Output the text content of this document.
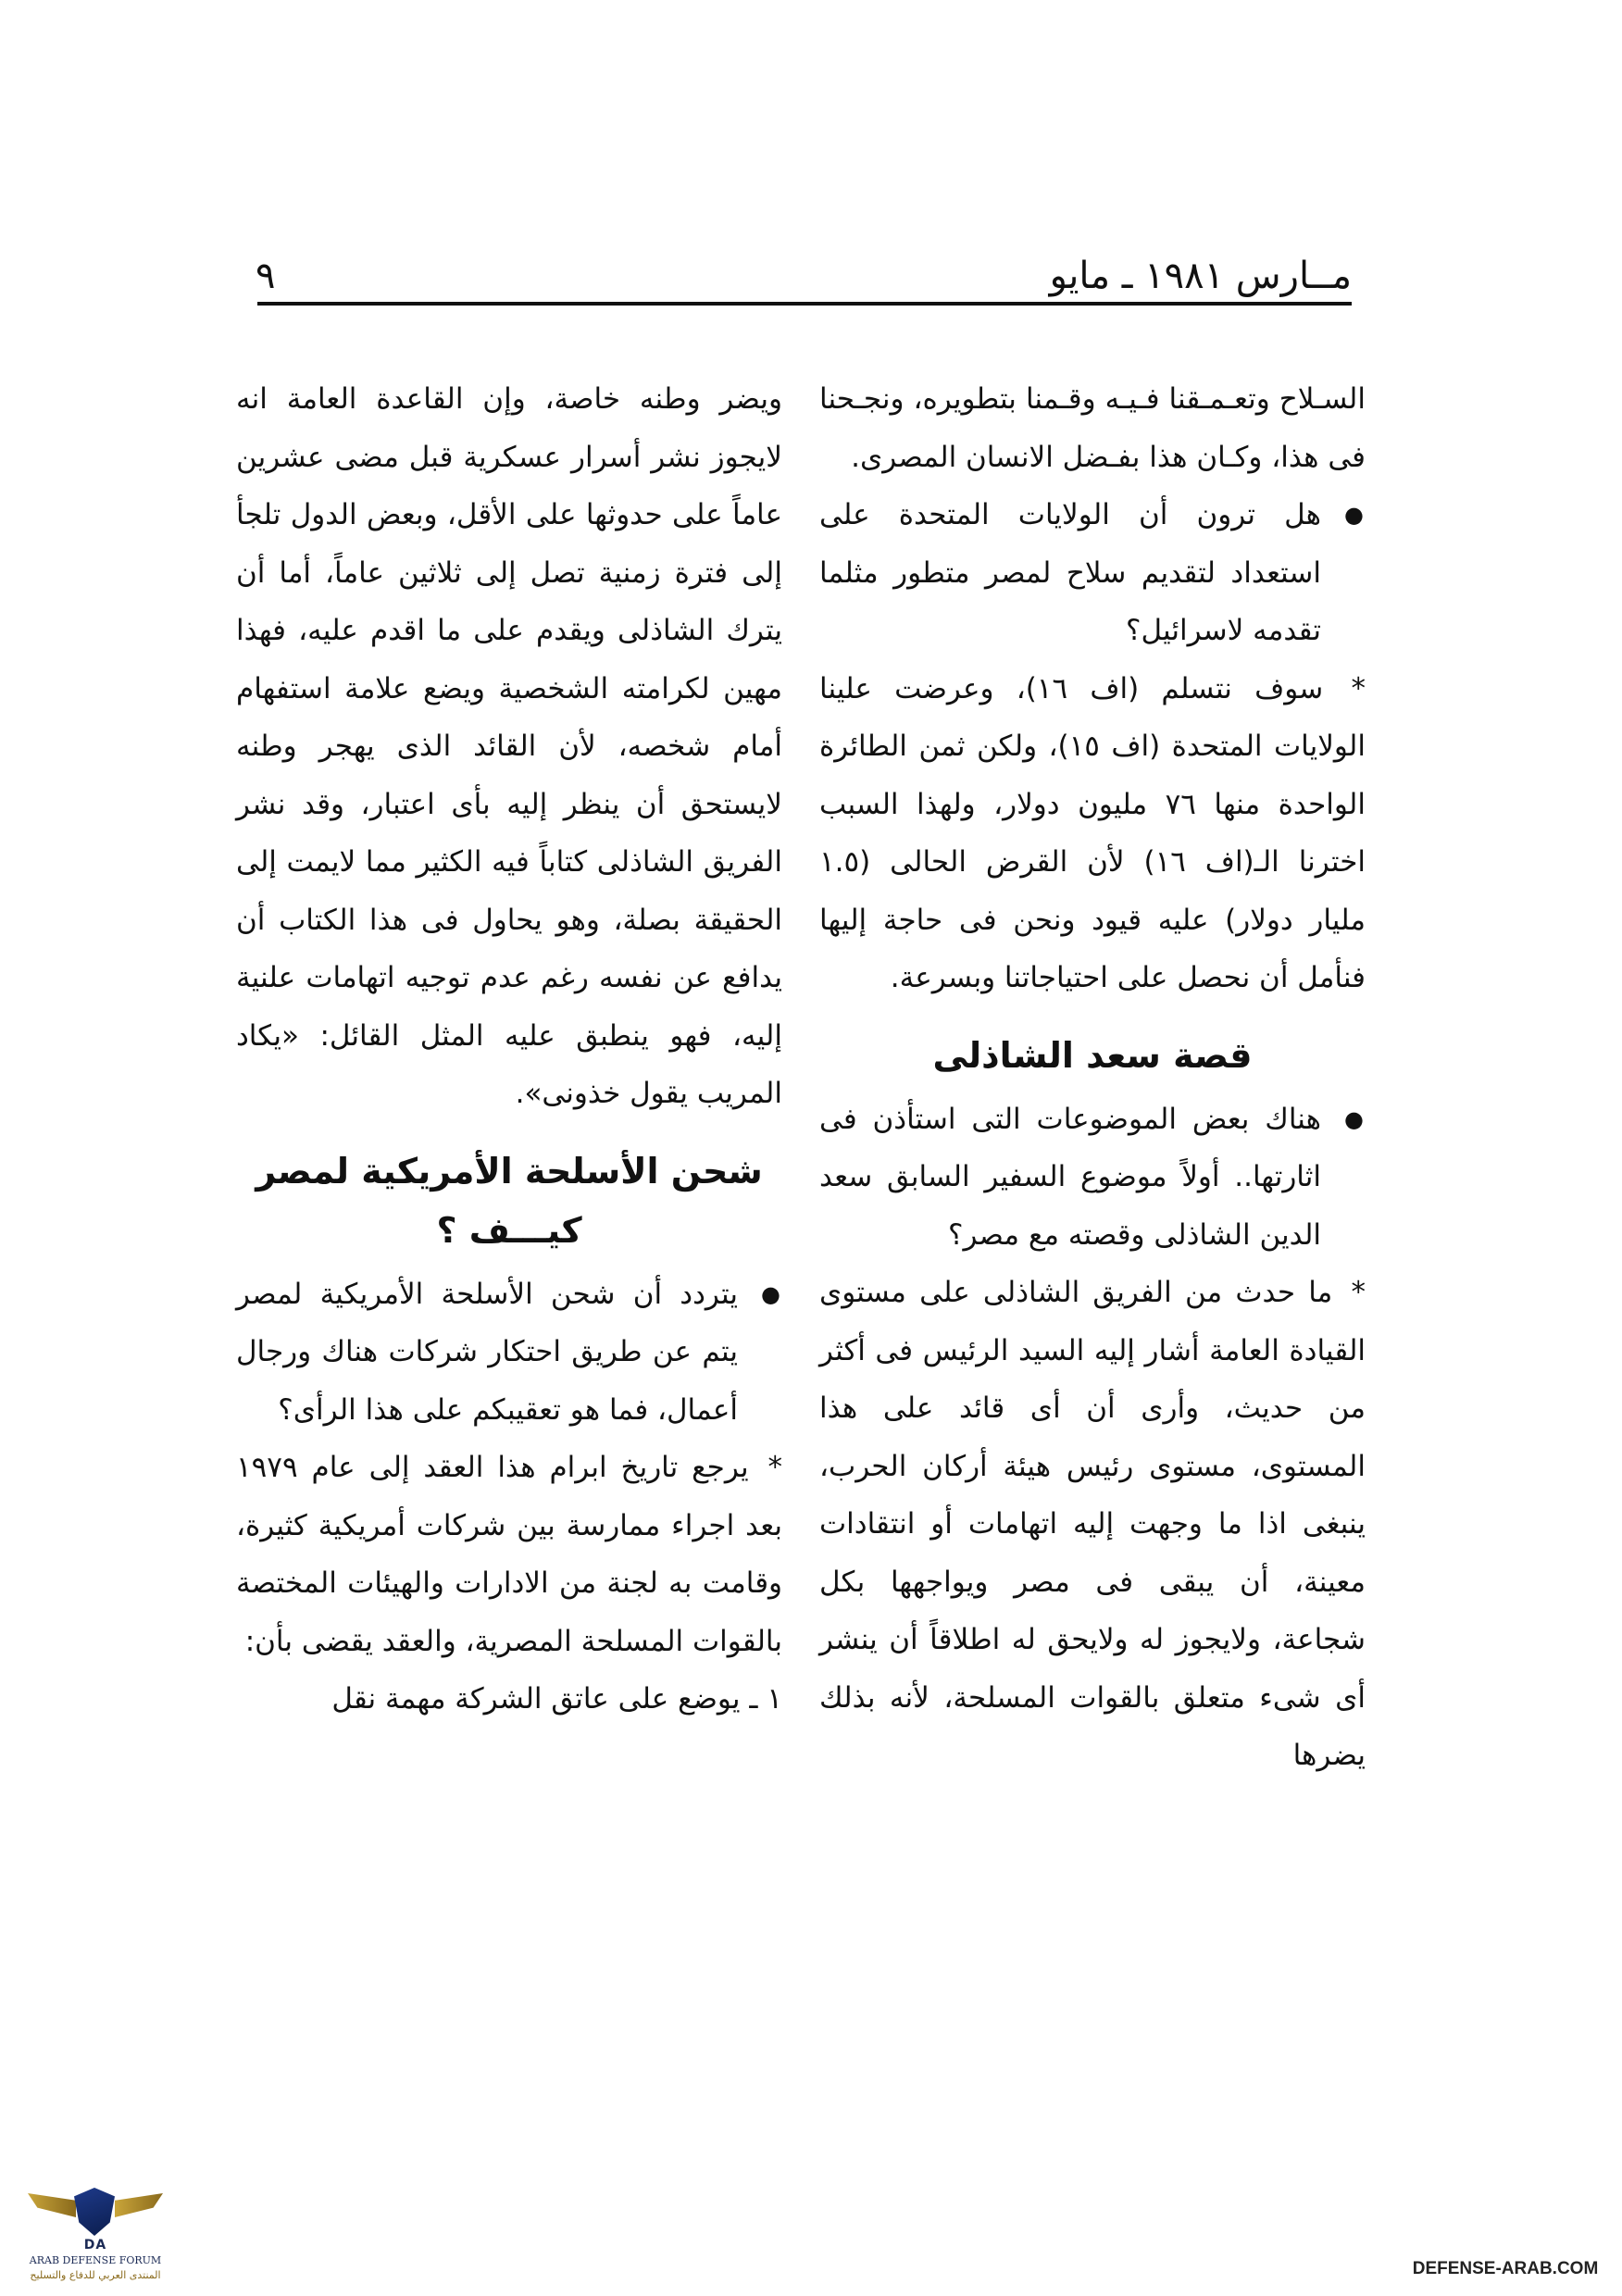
مــارس ١٩٨١ ـ مايو
٩

السـلاح وتعـمـقنا فـيـه وقـمنا بتطويره، ونجـحنا فى هذا، وكـان هذا بفـضل الانسان المصرى.

●
هل ترون أن الولايات المتحدة على استعداد لتقديم سلاح لمصر متطور مثلما تقدمه لاسرائيل؟

* سوف نتسلم (اف ١٦)، وعرضت علينا الولايات المتحدة (اف ١٥)، ولكن ثمن الطائرة الواحدة منها ٧٦ مليون دولار، ولهذا السبب اخترنا الـ(اف ١٦) لأن القرض الحالى (١.٥ مليار دولار) عليه قيود ونحن فى حاجة إليها فنأمل أن نحصل على احتياجاتنا وبسرعة.

قصة سعد الشاذلى

●
هناك بعض الموضوعات التى استأذن فى اثارتها.. أولاً موضوع السفير السابق سعد الدين الشاذلى وقصته مع مصر؟

* ما حدث من الفريق الشاذلى على مستوى القيادة العامة أشار إليه السيد الرئيس فى أكثر من حديث، وأرى أن أى قائد على هذا المستوى، مستوى رئيس هيئة أركان الحرب، ينبغى اذا ما وجهت إليه اتهامات أو انتقادات معينة، أن يبقى فى مصر ويواجهها بكل شجاعة، ولايجوز له ولايحق له اطلاقاً أن ينشر أى شىء متعلق بالقوات المسلحة، لأنه بذلك يضرها

ويضر وطنه خاصة، وإن القاعدة العامة انه لايجوز نشر أسرار عسكرية قبل مضى عشرين عاماً على حدوثها على الأقل، وبعض الدول تلجأ إلى فترة زمنية تصل إلى ثلاثين عاماً، أما أن يترك الشاذلى ويقدم على ما اقدم عليه، فهذا مهين لكرامته الشخصية ويضع علامة استفهام أمام شخصه، لأن القائد الذى يهجر وطنه لايستحق أن ينظر إليه بأى اعتبار، وقد نشر الفريق الشاذلى كتاباً فيه الكثير مما لايمت إلى الحقيقة بصلة، وهو يحاول فى هذا الكتاب أن يدافع عن نفسه رغم عدم توجيه اتهامات علنية إليه، فهو ينطبق عليه المثل القائل: «يكاد المريب يقول خذونى».

شحن الأسلحة الأمريكية لمصر
كيـــف ؟

●
يتردد أن شحن الأسلحة الأمريكية لمصر يتم عن طريق احتكار شركات هناك ورجال أعمال، فما هو تعقيبكم على هذا الرأى؟

* يرجع تاريخ ابرام هذا العقد إلى عام ١٩٧٩ بعد اجراء ممارسة بين شركات أمريكية كثيرة، وقامت به لجنة من الادارات والهيئات المختصة بالقوات المسلحة المصرية، والعقد يقضى بأن:

١ ـ يوضع على عاتق الشركة مهمة نقل

DA
ARAB DEFENSE FORUM
المنتدى العربي للدفاع والتسليح	DEFENSE-ARAB.COM
